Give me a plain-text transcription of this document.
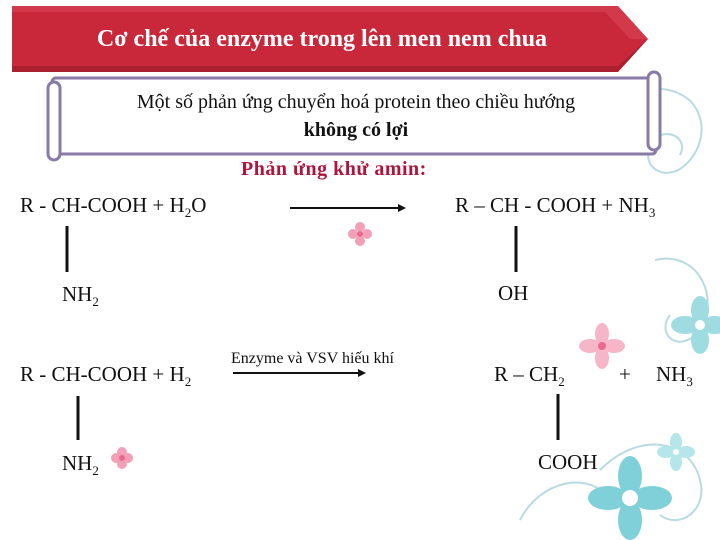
Cơ chế của enzyme trong lên men nem chua
Một số phản ứng chuyển hoá protein theo chiều hướng
không có lợi
Phản ứng khử amin:
R - CH-COOH + $H_2O$
$NH_2$
R – CH - COOH + $NH_3$
OH
R - CH-COOH + $H_2$
$NH_2$
Enzyme và VSV hiếu khí
R – $CH_2$	+ $NH_3$
COOH
